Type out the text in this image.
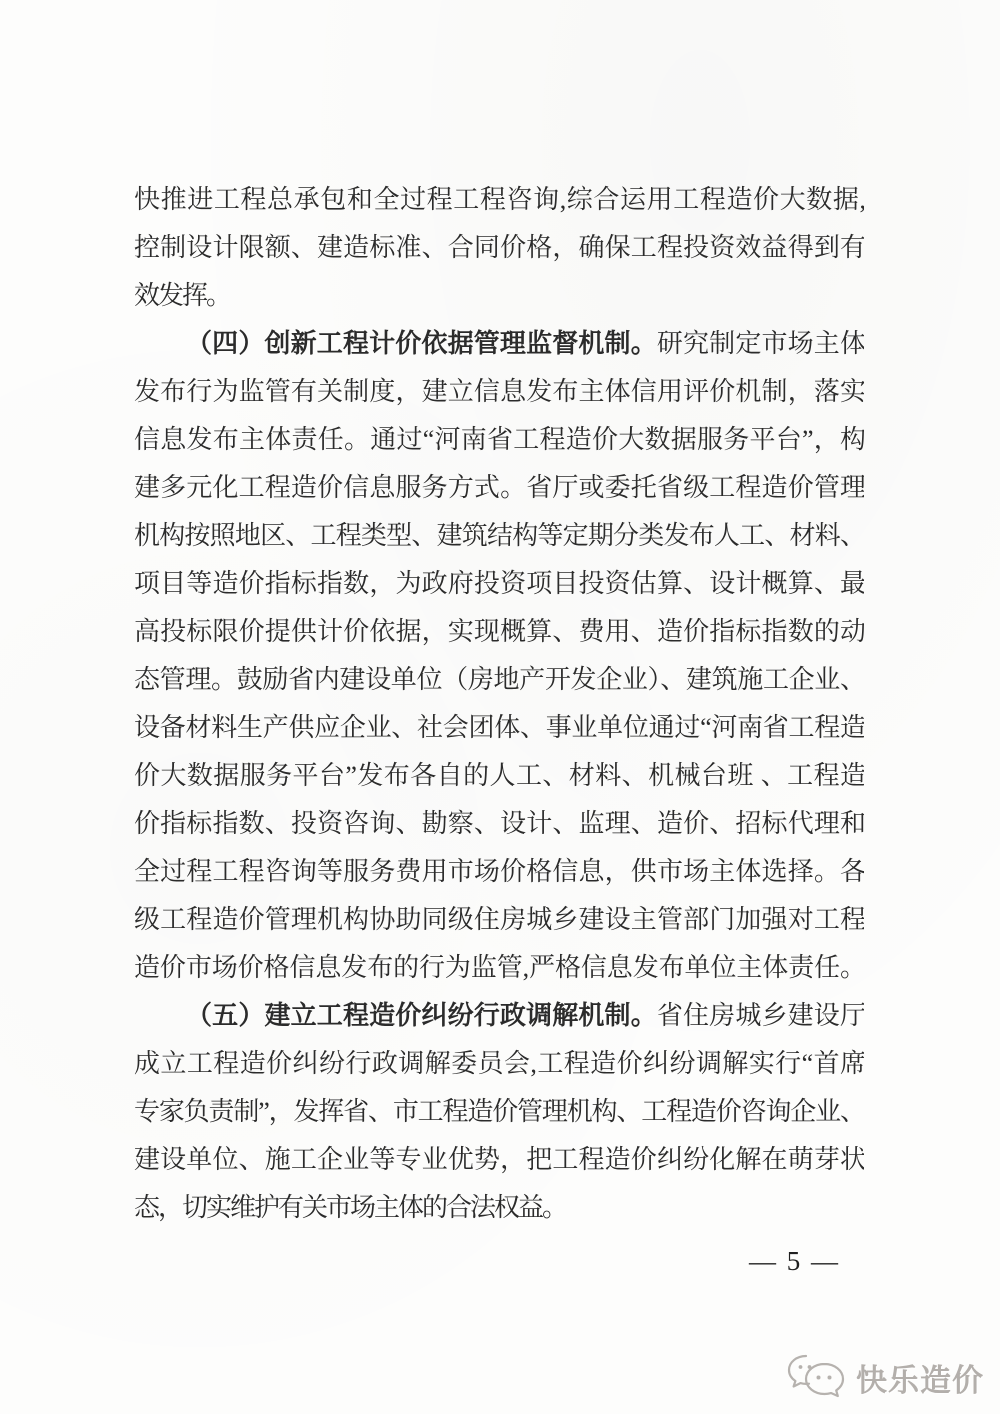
快推进工程总承包和全过程工程咨询,综合运用工程造价大数据,
控制设计限额、建造标准、合同价格，确保工程投资效益得到有
效发挥。
（四）创新工程计价依据管理监督机制。研究制定市场主体
发布行为监管有关制度，建立信息发布主体信用评价机制，落实
信息发布主体责任。通过“河南省工程造价大数据服务平台”，构
建多元化工程造价信息服务方式。省厅或委托省级工程造价管理
机构按照地区、工程类型、建筑结构等定期分类发布人工、材料、
项目等造价指标指数，为政府投资项目投资估算、设计概算、最
高投标限价提供计价依据，实现概算、费用、造价指标指数的动
态管理。鼓励省内建设单位（房地产开发企业）、建筑施工企业、
设备材料生产供应企业、社会团体、事业单位通过“河南省工程造
价大数据服务平台”发布各自的人工、材料、机械台班 、工程造
价指标指数、投资咨询、勘察、设计、监理、造价、招标代理和
全过程工程咨询等服务费用市场价格信息，供市场主体选择。各
级工程造价管理机构协助同级住房城乡建设主管部门加强对工程
造价市场价格信息发布的行为监管,严格信息发布单位主体责任。
（五）建立工程造价纠纷行政调解机制。省住房城乡建设厅
成立工程造价纠纷行政调解委员会,工程造价纠纷调解实行“首席
专家负责制”，发挥省、市工程造价管理机构、工程造价咨询企业、
建设单位、施工企业等专业优势，把工程造价纠纷化解在萌芽状
态，切实维护有关市场主体的合法权益。
— 5 —
快乐造价
